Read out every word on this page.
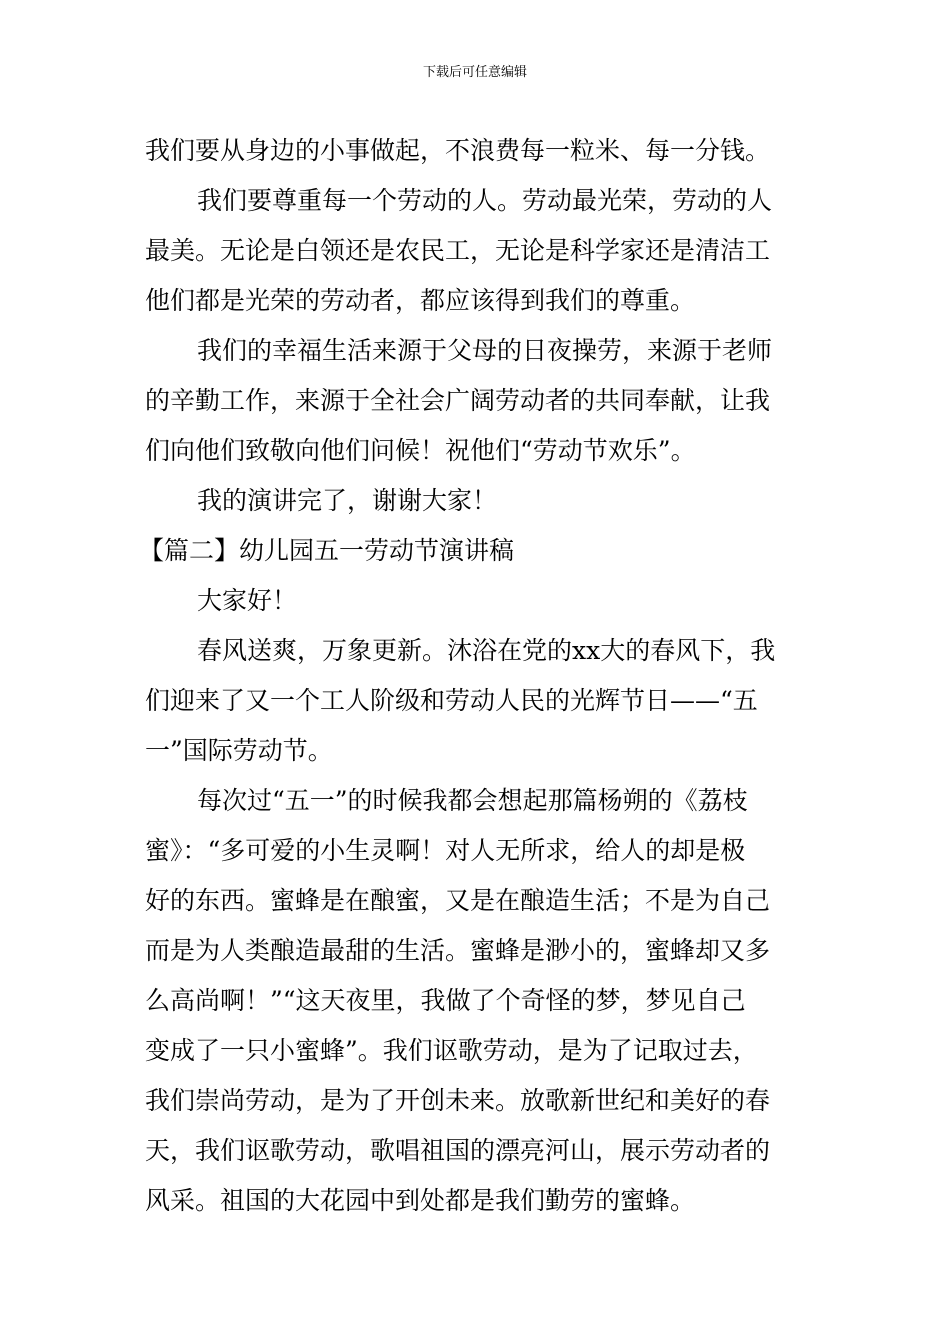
下载后可任意编辑
我们要从身边的小事做起，不浪费每一粒米、每一分钱。
我们要尊重每一个劳动的人。劳动最光荣，劳动的人
最美。无论是白领还是农民工，无论是科学家还是清洁工
他们都是光荣的劳动者，都应该得到我们的尊重。
我们的幸福生活来源于父母的日夜操劳，来源于老师
的辛勤工作，来源于全社会广阔劳动者的共同奉献，让我
们向他们致敬向他们问候！祝他们“劳动节欢乐”。
我的演讲完了，谢谢大家！
【篇二】幼儿园五一劳动节演讲稿
大家好！
春风送爽，万象更新。沐浴在党的xx大的春风下，我
们迎来了又一个工人阶级和劳动人民的光辉节日——“五
一”国际劳动节。
每次过“五一”的时候我都会想起那篇杨朔的《荔枝
蜜》：“多可爱的小生灵啊！对人无所求，给人的却是极
好的东西。蜜蜂是在酿蜜，又是在酿造生活；不是为自己
而是为人类酿造最甜的生活。蜜蜂是渺小的，蜜蜂却又多
么高尚啊！”“这天夜里，我做了个奇怪的梦，梦见自己
变成了一只小蜜蜂”。我们讴歌劳动，是为了记取过去，
我们崇尚劳动，是为了开创未来。放歌新世纪和美好的春
天，我们讴歌劳动，歌唱祖国的漂亮河山，展示劳动者的
风采。祖国的大花园中到处都是我们勤劳的蜜蜂。
